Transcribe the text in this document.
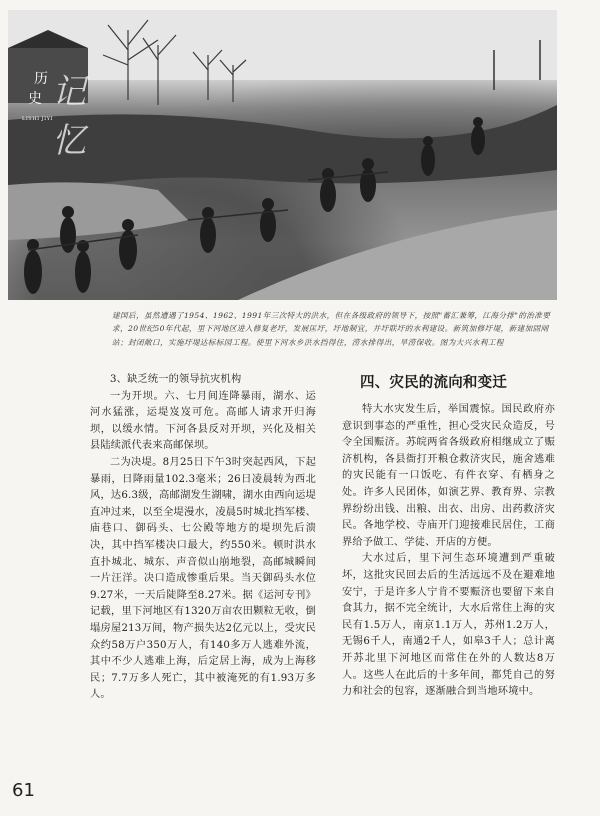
记忆
历
史
LISHI JIYI
建国后，虽然遭遇了1954、1962、1991年三次特大的洪水，但在各级政府的领导下，按照"蓄汇兼筹，江海分排"的治准要求，20世纪50年代起，里下河地区进入修复老圩，发展匡圩，圩地制宜，并圩联圩的水利建设。新筑加修圩堤，新建加固闸站；封闭敞口，实施圩堤达标标园工程。使里下河水乡洪水挡得住，涝水排得出，旱涝保收。图为大兴水利工程

3、缺乏统一的领导抗灾机构

一为开坝。六、七月间连降暴雨，湖水、运河水猛涨，运堤岌岌可危。高邮人请求开归海坝，以缓水情。下河各县反对开坝，兴化及相关县陆续派代表来高邮保坝。

二为决堤。8月25日下午3时突起西风，下起暴雨，日降雨量102.3毫米；26日凌晨转为西北风，达6.3级，高邮湖发生湖啸，湖水由西向运堤直冲过来，以至全堤漫水，凌晨5时城北挡军楼、庙巷口、御码头、七公殿等地方的堤坝先后溃决，其中挡军楼决口最大，约550米。顿时洪水直扑城北、城东、声音似山崩地裂，高邮城瞬间一片汪洋。决口造成惨重后果。当天御码头水位9.27米，一天后陡降至8.27米。据《运河专刊》记载，里下河地区有1320万亩农田颗粒无收，倒塌房屋213万间，物产损失达2亿元以上，受灾民众约58万户350万人，有140多万人逃难外流，其中不少人逃难上海，后定居上海，成为上海移民；7.7万多人死亡，其中被淹死的有1.93万多人。

四、灾民的流向和变迁

特大水灾发生后，举国震惊。国民政府亦意识到事态的严重性，担心受灾民众造反，号令全国赈济。苏皖两省各级政府相继成立了赈济机构，各县衙打开粮仓救济灾民，施舍逃难的灾民能有一口饭吃、有件衣穿、有栖身之处。许多人民团体，如演艺界、教育界、宗教界纷纷出钱、出粮、出衣、出房、出药救济灾民。各地学校、寺庙开门迎接难民居住，工商界给予做工、学徒、开店的方便。

大水过后，里下河生态环境遭到严重破坏，这批灾民回去后的生活远远不及在避难地安宁，于是许多人宁肯不要赈济也要留下来自食其力，据不完全统计，大水后常住上海的灾民有1.5万人，南京1.1万人，苏州1.2万人，无锡6千人，南通2千人，如皋3千人；总计离开苏北里下河地区而常住在外的人数达8万人。这些人在此后的十多年间，都凭自己的努力和社会的包容，逐渐融合到当地环境中。

61
